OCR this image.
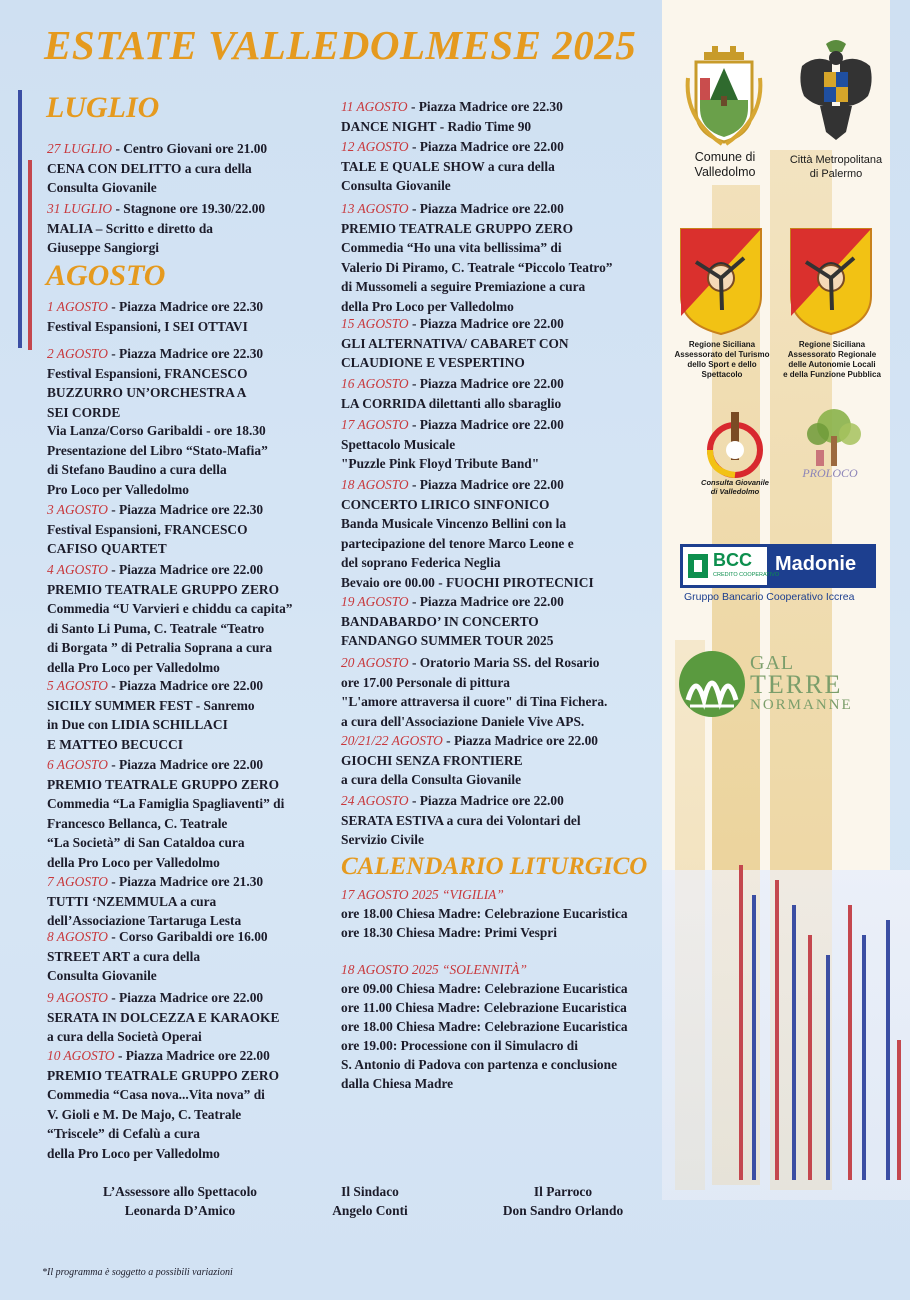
ESTATE VALLEDOLMESE 2025
LUGLIO
AGOSTO
CALENDARIO LITURGICO
27 LUGLIO - Centro Giovani ore 21.00
CENA CON DELITTO a cura della
Consulta Giovanile
31 LUGLIO - Stagnone ore 19.30/22.00
MALIA – Scritto e diretto da
Giuseppe Sangiorgi
1 AGOSTO - Piazza Madrice ore 22.30
Festival Espansioni, I SEI OTTAVI
2 AGOSTO - Piazza Madrice ore 22.30
Festival Espansioni, FRANCESCO
BUZZURRO UN’ORCHESTRA A
SEI CORDE
Via Lanza/Corso Garibaldi - ore 18.30
Presentazione del Libro “Stato-Mafia”
di Stefano Baudino a cura della
Pro Loco per Valledolmo
3 AGOSTO - Piazza Madrice ore 22.30
Festival Espansioni, FRANCESCO
CAFISO QUARTET
4 AGOSTO - Piazza Madrice ore 22.00
PREMIO TEATRALE GRUPPO ZERO
Commedia “U Varvieri e chiddu ca capita”
di Santo Li Puma, C. Teatrale “Teatro
di Borgata ” di Petralia Soprana a cura
della Pro Loco per Valledolmo
5 AGOSTO - Piazza Madrice ore 22.00
SICILY SUMMER FEST - Sanremo
in Due con LIDIA SCHILLACI
E MATTEO BECUCCI
6 AGOSTO - Piazza Madrice ore 22.00
PREMIO TEATRALE GRUPPO ZERO
Commedia “La Famiglia Spagliaventi” di
Francesco Bellanca, C. Teatrale
“La Società” di San Cataldoa cura
della Pro Loco per Valledolmo
7 AGOSTO - Piazza Madrice ore 21.30
TUTTI ‘NZEMMULA a cura
dell’Associazione Tartaruga Lesta
8 AGOSTO - Corso Garibaldi ore 16.00
STREET ART a cura della
Consulta Giovanile
9 AGOSTO - Piazza Madrice ore 22.00
SERATA IN DOLCEZZA E KARAOKE
a cura della Società Operai
10 AGOSTO - Piazza Madrice ore 22.00
PREMIO TEATRALE GRUPPO ZERO
Commedia “Casa nova...Vita nova” di
V. Gioli e M. De Majo, C. Teatrale
“Triscele” di Cefalù a cura
della Pro Loco per Valledolmo
11 AGOSTO - Piazza Madrice ore 22.30
DANCE NIGHT - Radio Time 90
12 AGOSTO - Piazza Madrice ore 22.00
TALE E QUALE SHOW a cura della
Consulta Giovanile
13 AGOSTO - Piazza Madrice ore 22.00
PREMIO TEATRALE GRUPPO ZERO
Commedia “Ho una vita bellissima” di
Valerio Di Piramo, C. Teatrale “Piccolo Teatro”
di Mussomeli a seguire Premiazione a cura
della Pro Loco per Valledolmo
15 AGOSTO - Piazza Madrice ore 22.00
GLI ALTERNATIVA/ CABARET CON
CLAUDIONE E VESPERTINO
16 AGOSTO - Piazza Madrice ore 22.00
LA CORRIDA dilettanti allo sbaraglio
17 AGOSTO - Piazza Madrice ore 22.00
Spettacolo Musicale
"Puzzle Pink Floyd Tribute Band"
18 AGOSTO - Piazza Madrice ore 22.00
CONCERTO LIRICO SINFONICO
Banda Musicale Vincenzo Bellini con la
partecipazione del tenore Marco Leone e
del soprano Federica Neglia
Bevaio ore 00.00 - FUOCHI PIROTECNICI
19 AGOSTO - Piazza Madrice ore 22.00
BANDABARDO’ IN CONCERTO
FANDANGO SUMMER TOUR 2025
20 AGOSTO - Oratorio Maria SS. del Rosario
ore 17.00 Personale di pittura
"L'amore attraversa il cuore" di Tina Fichera.
a cura dell'Associazione Daniele Vive APS.
20/21/22 AGOSTO - Piazza Madrice ore 22.00
GIOCHI SENZA FRONTIERE
a cura della Consulta Giovanile
24 AGOSTO - Piazza Madrice ore 22.00
SERATA ESTIVA a cura dei Volontari del
Servizio Civile
17 AGOSTO 2025 “VIGILIA”
ore 18.00 Chiesa Madre: Celebrazione Eucaristica
ore 18.30 Chiesa Madre: Primi Vespri
18 AGOSTO 2025 “SOLENNITÀ”
ore 09.00 Chiesa Madre: Celebrazione Eucaristica
ore 11.00 Chiesa Madre: Celebrazione Eucaristica
ore 18.00 Chiesa Madre: Celebrazione Eucaristica
ore 19.00: Processione con il Simulacro di
S. Antonio di Padova con partenza e conclusione
dalla Chiesa Madre
Comune di
Valledolmo
Città Metropolitana
di Palermo
Regione Siciliana
Assessorato del Turismo
dello Sport e dello
Spettacolo
Regione Siciliana
Assessorato Regionale
delle Autonomie Locali
e della Funzione Pubblica
Consulta Giovanile
di Valledolmo
PROLOCO
BCC
CREDITO COOPERATIVO
Madonie
Gruppo Bancario Cooperativo Iccrea
GAL
TERRE
NORMANNE
L’Assessore allo Spettacolo
Leonarda D’Amico
Il Sindaco
Angelo Conti
Il Parroco
Don Sandro Orlando
*Il programma è soggetto a possibili variazioni
